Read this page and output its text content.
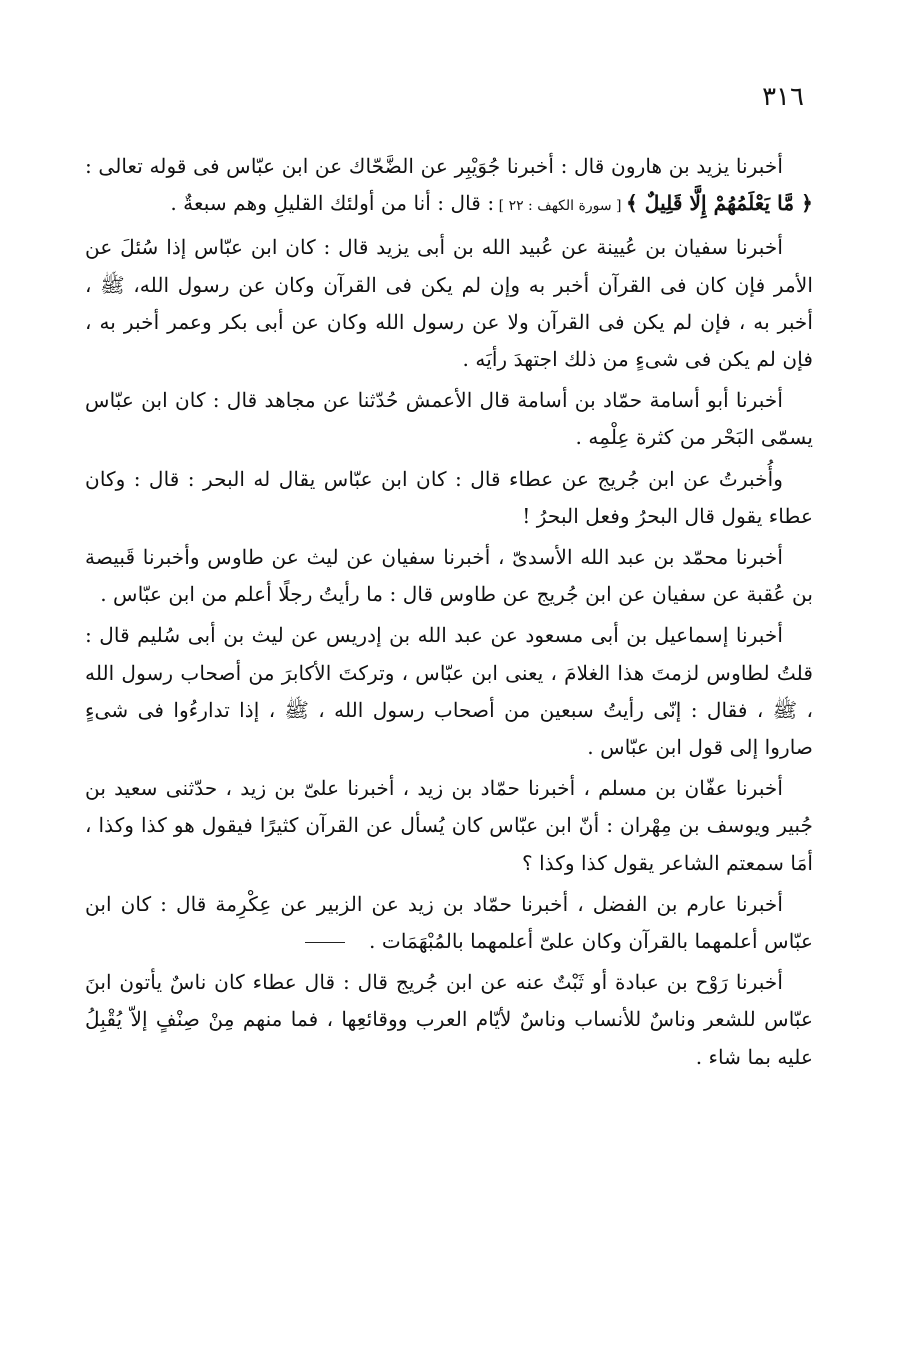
٣١٦

أخبرنا يزيد بن هارون قال : أخبرنا جُوَيْبِر عن الضَّحّاك عن ابن عبّاس فى قوله تعالى : ﴿ مَّا يَعْلَمُهُمْ إِلَّا قَلِيلٌ ﴾ [ سورة الكهف : ٢٢ ] : قال : أنا من أولئك القليلِ وهم سبعةٌ .

أخبرنا سفيان بن عُيينة عن عُبيد الله بن أبى يزيد قال : كان ابن عبّاس إذا سُئلَ عن الأمر فإن كان فى القرآن أخبر به وإن لم يكن فى القرآن وكان عن رسول الله، ﷺ ، أخبر به ، فإن لم يكن فى القرآن ولا عن رسول الله وكان عن أبى بكر وعمر أخبر به ، فإن لم يكن فى شىءٍ من ذلك اجتهدَ رأيَه .

أخبرنا أبو أسامة حمّاد بن أسامة قال الأعمش حُدّثنا عن مجاهد قال : كان ابن عبّاس يسمّى البَحْر من كثرة عِلْمِه .

وأُخبرتُ عن ابن جُريج عن عطاء قال : كان ابن عبّاس يقال له البحر : قال : وكان عطاء يقول قال البحرُ وفعل البحرُ !

أخبرنا محمّد بن عبد الله الأسدىّ ، أخبرنا سفيان عن ليث عن طاوس وأخبرنا قَبيصة بن عُقبة عن سفيان عن ابن جُريج عن طاوس قال : ما رأيتُ رجلًا أعلم من ابن عبّاس .

أخبرنا إسماعيل بن أبى مسعود عن عبد الله بن إدريس عن ليث بن أبى سُليم قال : قلتُ لطاوس لزمتَ هذا الغلامَ ، يعنى ابن عبّاس ، وتركتَ الأكابرَ من أصحاب رسول الله ، ﷺ ، فقال : إنّى رأيتُ سبعين من أصحاب رسول الله ، ﷺ ، إذا تدارءُوا فى شىءٍ صاروا إلى قول ابن عبّاس .

أخبرنا عفّان بن مسلم ، أخبرنا حمّاد بن زيد ، أخبرنا علىّ بن زيد ، حدّثنى سعيد بن جُبير ويوسف بن مِهْران : أنّ ابن عبّاس كان يُسأل عن القرآن كثيرًا فيقول هو كذا وكذا ، أمَا سمعتم الشاعر يقول كذا وكذا ؟

أخبرنا عارم بن الفضل ، أخبرنا حمّاد بن زيد عن الزبير عن عِكْرِمة قال : كان ابن عبّاس أعلمهما بالقرآن وكان علىّ أعلمهما بالمُبْهَمَات .

أخبرنا رَوْح بن عبادة أو ثَبْتٌ عنه عن ابن جُريج قال : قال عطاء كان ناسٌ يأتون ابنَ عبّاس للشعر وناسٌ للأنساب وناسٌ لأيّام العرب ووقائعِها ، فما منهم مِنْ صِنْفٍ إلاّ يُقْبِلُ عليه بما شاء .
